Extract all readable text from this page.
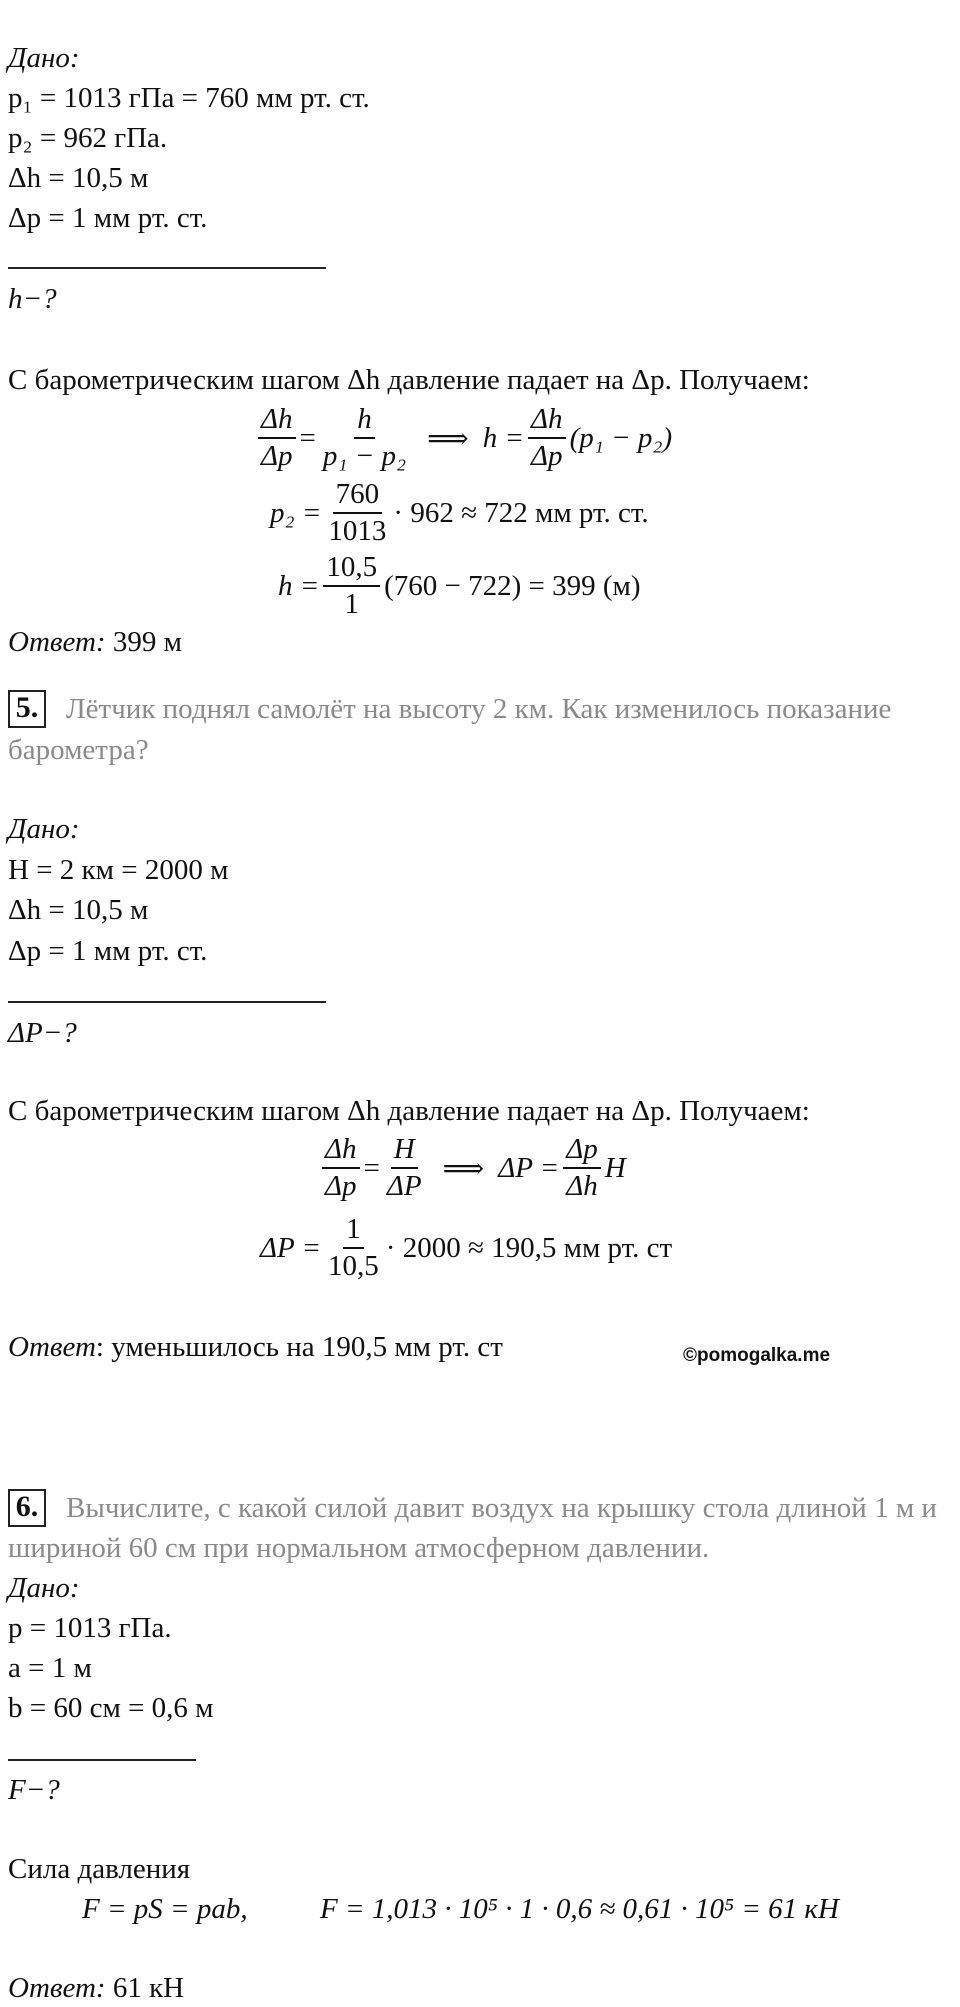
Дано:
p₁ = 1013 гПа = 760 мм рт. ст.
p₂ = 962 гПа.
Δh = 10,5 м
Δp = 1 мм рт. ст.
h−?
С барометрическим шагом Δh давление падает на Δp. Получаем:
$\frac{\Delta h}{\Delta p} = \frac{h}{\text{p₁ − p₂}}$ ⟹ $h = \frac{\Delta h}{\Delta p} (p_1 - p_2)$
$p_2 = \frac{760}{1013} \cdot 962 \approx 722$ мм рт. ст.
$h = \frac{10,5}{1} (760 - 722) = 399$ (м)
Ответ: 399 м
5. Лётчик поднял самолёт на высоту 2 км. Как изменилось показание
барометра?
Дано:
H = 2 км = 2000 м
Δh = 10,5 м
Δp = 1 мм рт. ст.
ΔP−?
С барометрическим шагом Δh давление падает на Δp. Получаем:
$\frac{\Delta h}{\Delta p} = \frac{H}{\Delta P}$ ⟹ $\Delta P = \frac{\Delta p}{\Delta h}$ H
$\Delta P = \frac{1}{10,5} \cdot 2000 \approx 190,5$ мм рт. ст
Ответ: уменьшилось на 190,5 мм рт. ст	©pomogalka.me
6. Вычислите, с какой силой давит воздух на крышку стола длиной 1 м и
шириной 60 см при нормальном атмосферном давлении.
Дано:
p = 1013 гПа.
a = 1 м
b = 60 см = 0,6 м
F−?
Сила давления
F = pS = pab, F = 1,013 · 10⁵ · 1 · 0,6 ≈ 0,61 · 10⁵ = 61 кН
Ответ: 61 кН
